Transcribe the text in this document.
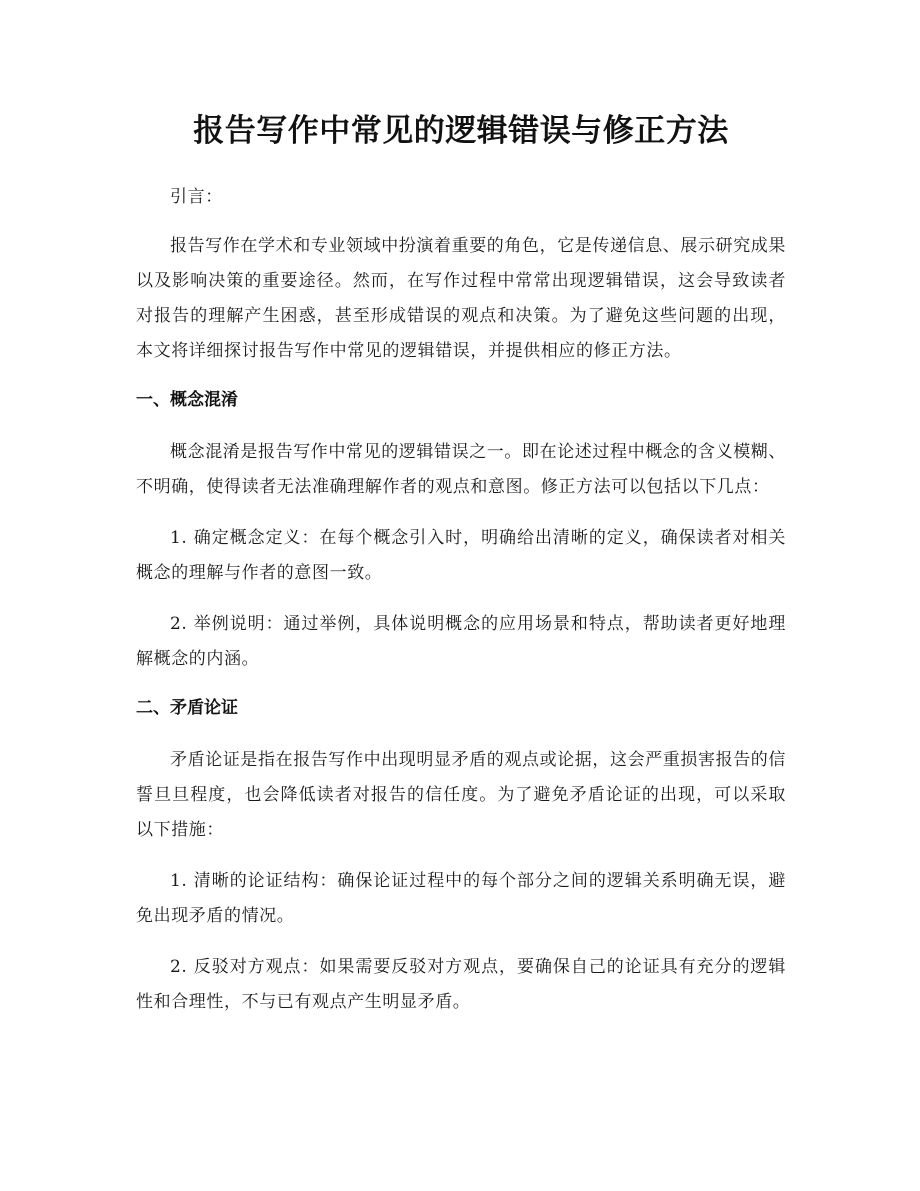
报告写作中常见的逻辑错误与修正方法

引言：

报告写作在学术和专业领域中扮演着重要的角色，它是传递信息、展示研究成果以及影响决策的重要途径。然而，在写作过程中常常出现逻辑错误，这会导致读者对报告的理解产生困惑，甚至形成错误的观点和决策。为了避免这些问题的出现，本文将详细探讨报告写作中常见的逻辑错误，并提供相应的修正方法。

一、概念混淆

概念混淆是报告写作中常见的逻辑错误之一。即在论述过程中概念的含义模糊、不明确，使得读者无法准确理解作者的观点和意图。修正方法可以包括以下几点：

1. 确定概念定义：在每个概念引入时，明确给出清晰的定义，确保读者对相关概念的理解与作者的意图一致。

2. 举例说明：通过举例，具体说明概念的应用场景和特点，帮助读者更好地理解概念的内涵。

二、矛盾论证

矛盾论证是指在报告写作中出现明显矛盾的观点或论据，这会严重损害报告的信誓旦旦程度，也会降低读者对报告的信任度。为了避免矛盾论证的出现，可以采取以下措施：

1. 清晰的论证结构：确保论证过程中的每个部分之间的逻辑关系明确无误，避免出现矛盾的情况。

2. 反驳对方观点：如果需要反驳对方观点，要确保自己的论证具有充分的逻辑性和合理性，不与已有观点产生明显矛盾。
